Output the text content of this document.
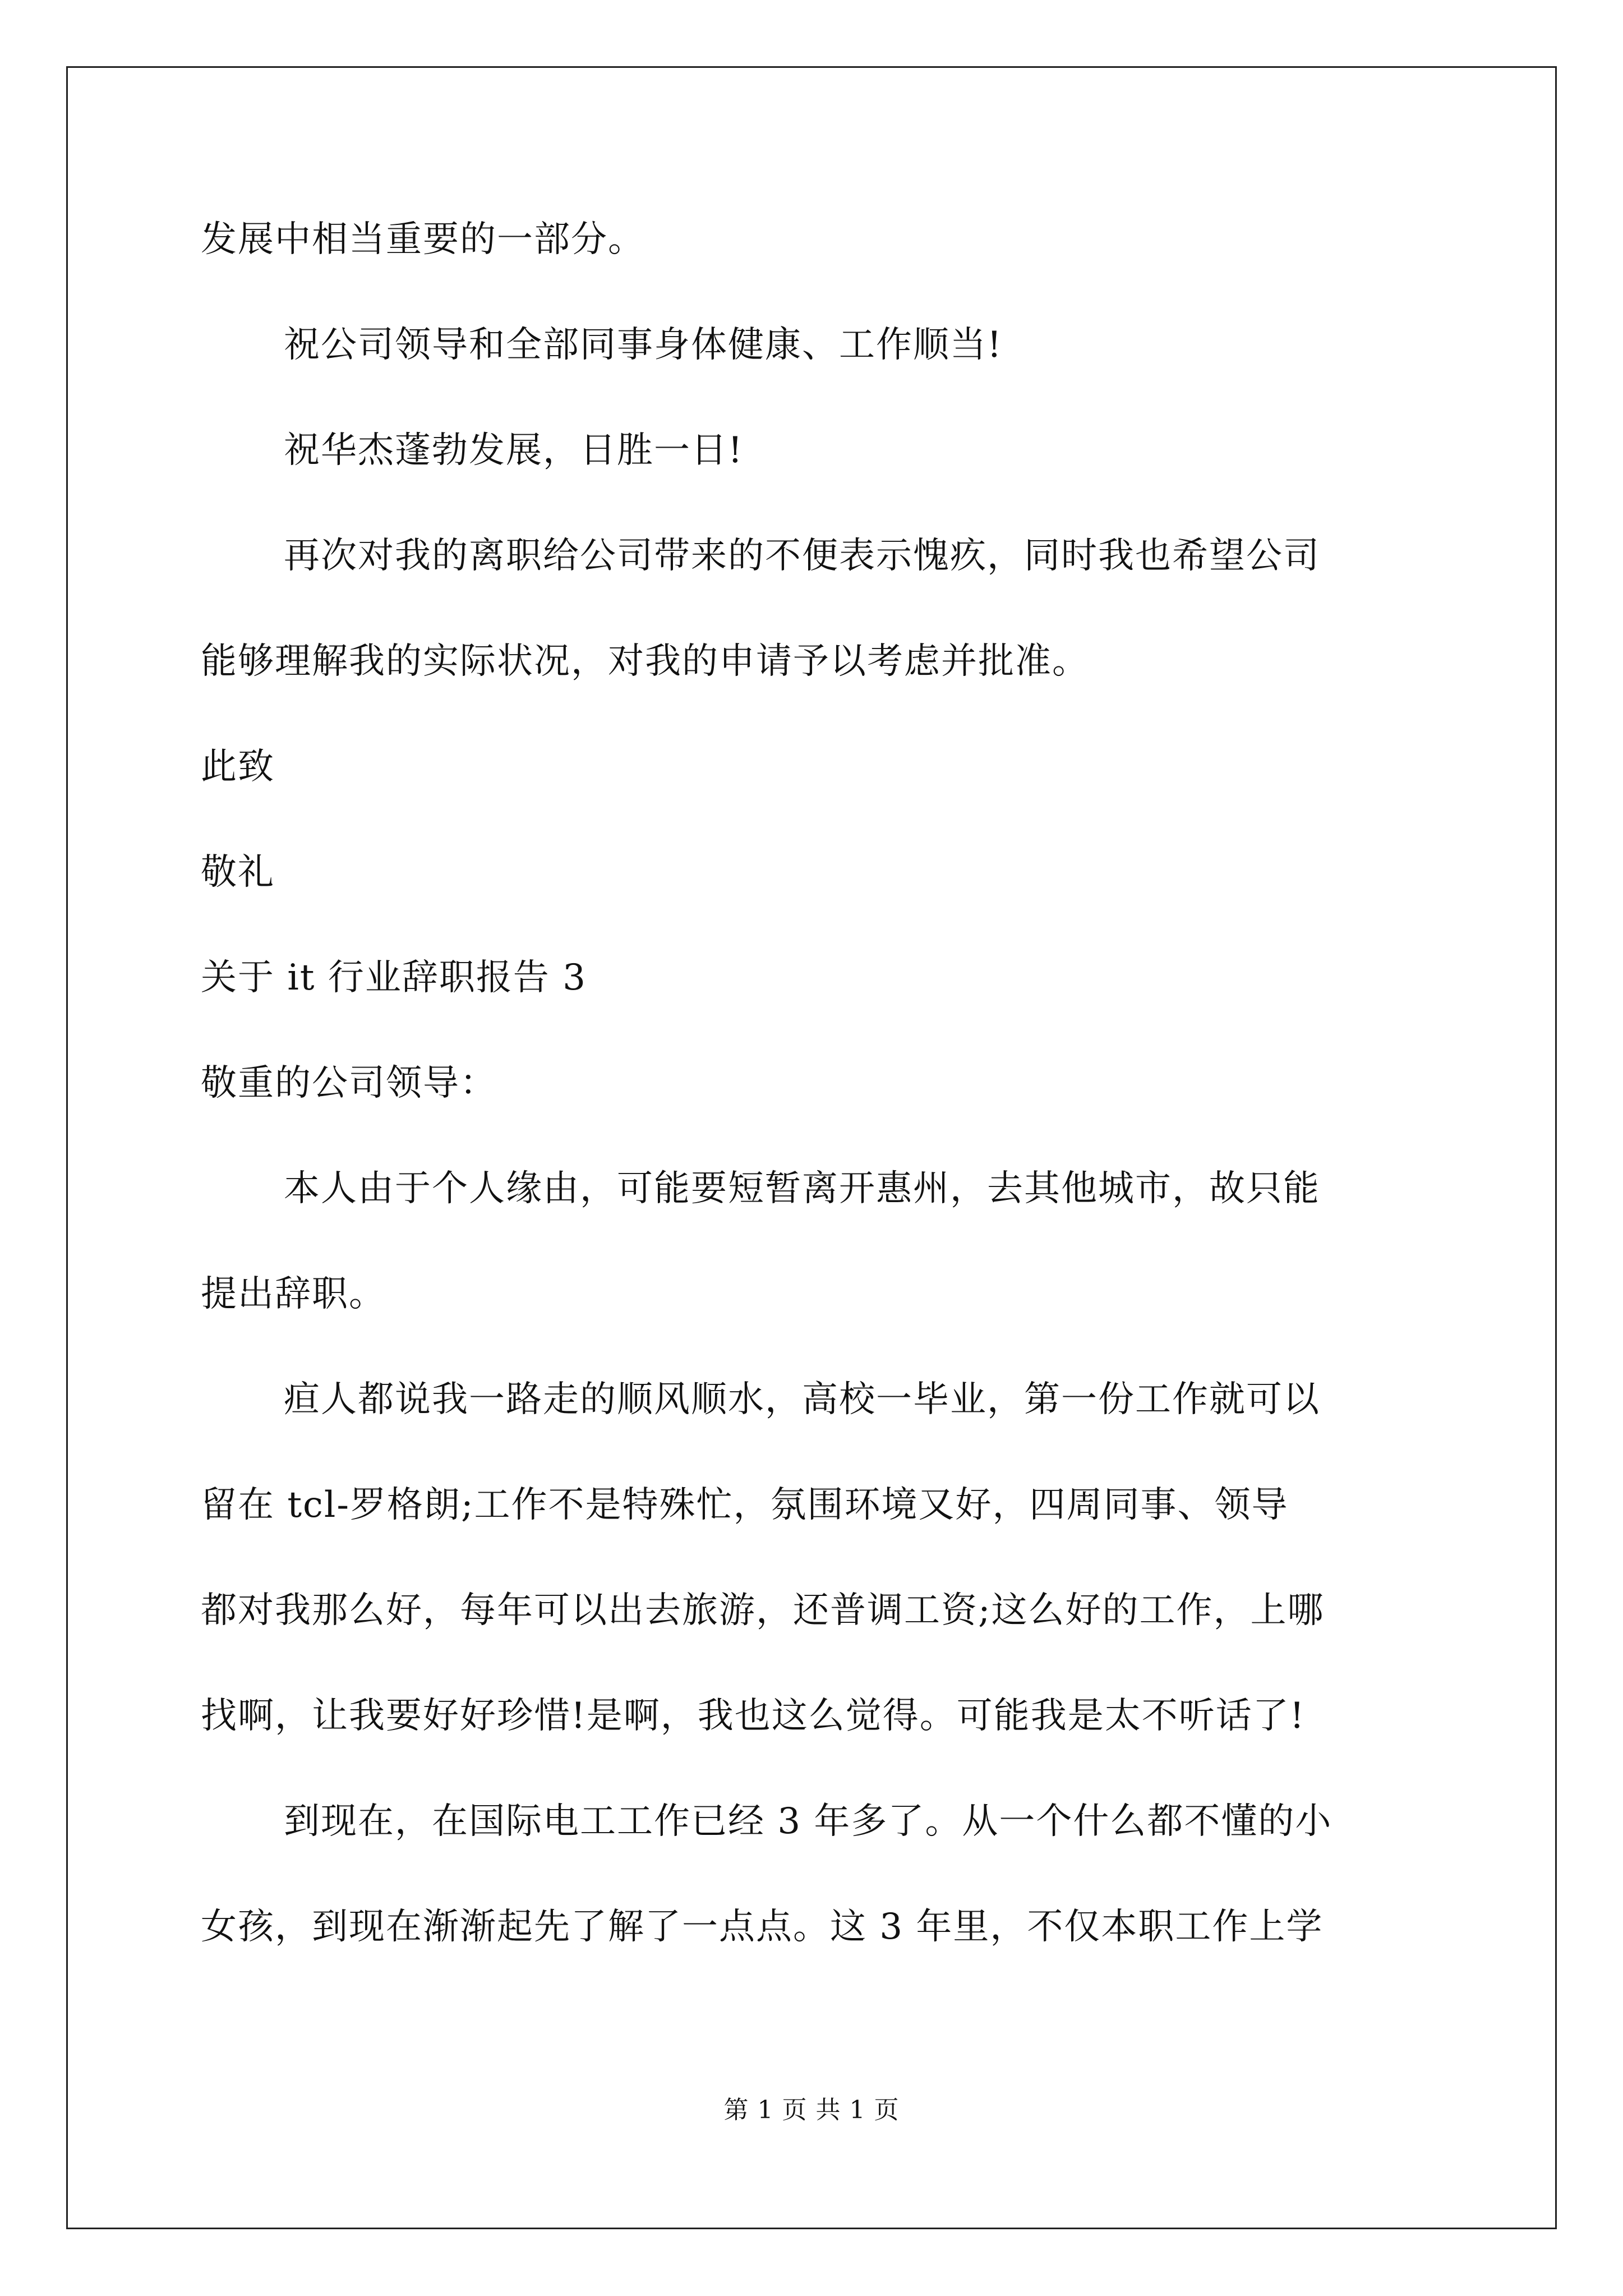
发展中相当重要的一部分。

祝公司领导和全部同事身体健康、工作顺当!

祝华杰蓬勃发展，日胜一日!

再次对我的离职给公司带来的不便表示愧疚，同时我也希望公司

能够理解我的实际状况，对我的申请予以考虑并批准。

此致

敬礼

关于 it 行业辞职报告 3

敬重的公司领导：

本人由于个人缘由，可能要短暂离开惠州，去其他城市，故只能

提出辞职。

疸人都说我一路走的顺风顺水，高校一毕业，第一份工作就可以

留在 tcl-罗格朗;工作不是特殊忙，氛围环境又好，四周同事、领导

都对我那么好，每年可以出去旅游，还普调工资;这么好的工作，上哪

找啊，让我要好好珍惜!是啊，我也这么觉得。可能我是太不听话了!

到现在，在国际电工工作已经 3 年多了。从一个什么都不懂的小

女孩，到现在渐渐起先了解了一点点。这 3 年里，不仅本职工作上学

第 1 页 共 1 页
